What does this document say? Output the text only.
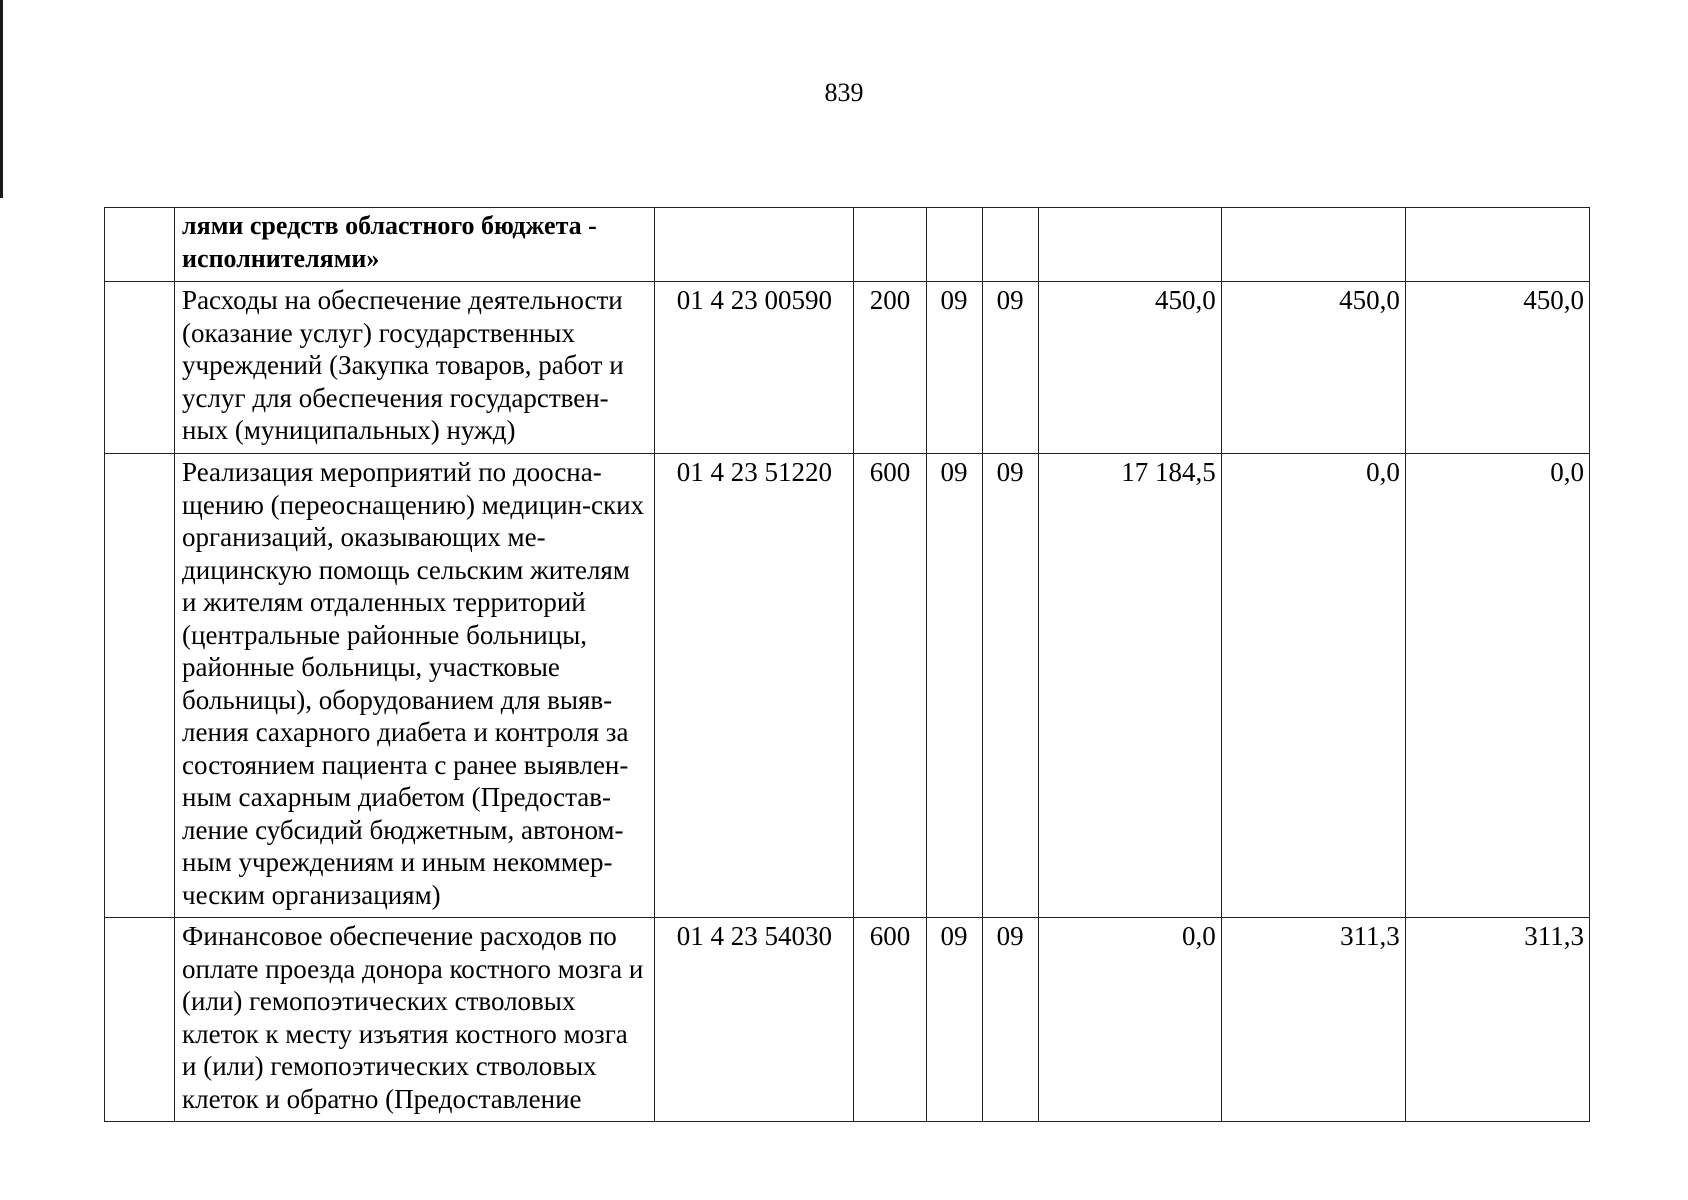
839
	лями средств областного бюджета - исполнителями»							
	Расходы на обеспечение деятельности (оказание услуг) государственных учреждений (Закупка товаров, работ и услуг для обеспечения государствен-ных (муниципальных) нужд)	01 4 23 00590	200	09	09	450,0	450,0	450,0
	Реализация мероприятий по доосна-щению (переоснащению) медицин-ских организаций, оказывающих ме-дицинскую помощь сельским жителям и жителям отдаленных территорий (центральные районные больницы, районные больницы, участковые больницы), оборудованием для выяв-ления сахарного диабета и контроля за состоянием пациента с ранее выявлен-ным сахарным диабетом (Предостав-ление субсидий бюджетным, автоном-ным учреждениям и иным некоммер-ческим организациям)	01 4 23 51220	600	09	09	17 184,5	0,0	0,0
	Финансовое обеспечение расходов по оплате проезда донора костного мозга и (или) гемопоэтических стволовых клеток к месту изъятия костного мозга и (или) гемопоэтических стволовых клеток и обратно (Предоставление	01 4 23 54030	600	09	09	0,0	311,3	311,3
